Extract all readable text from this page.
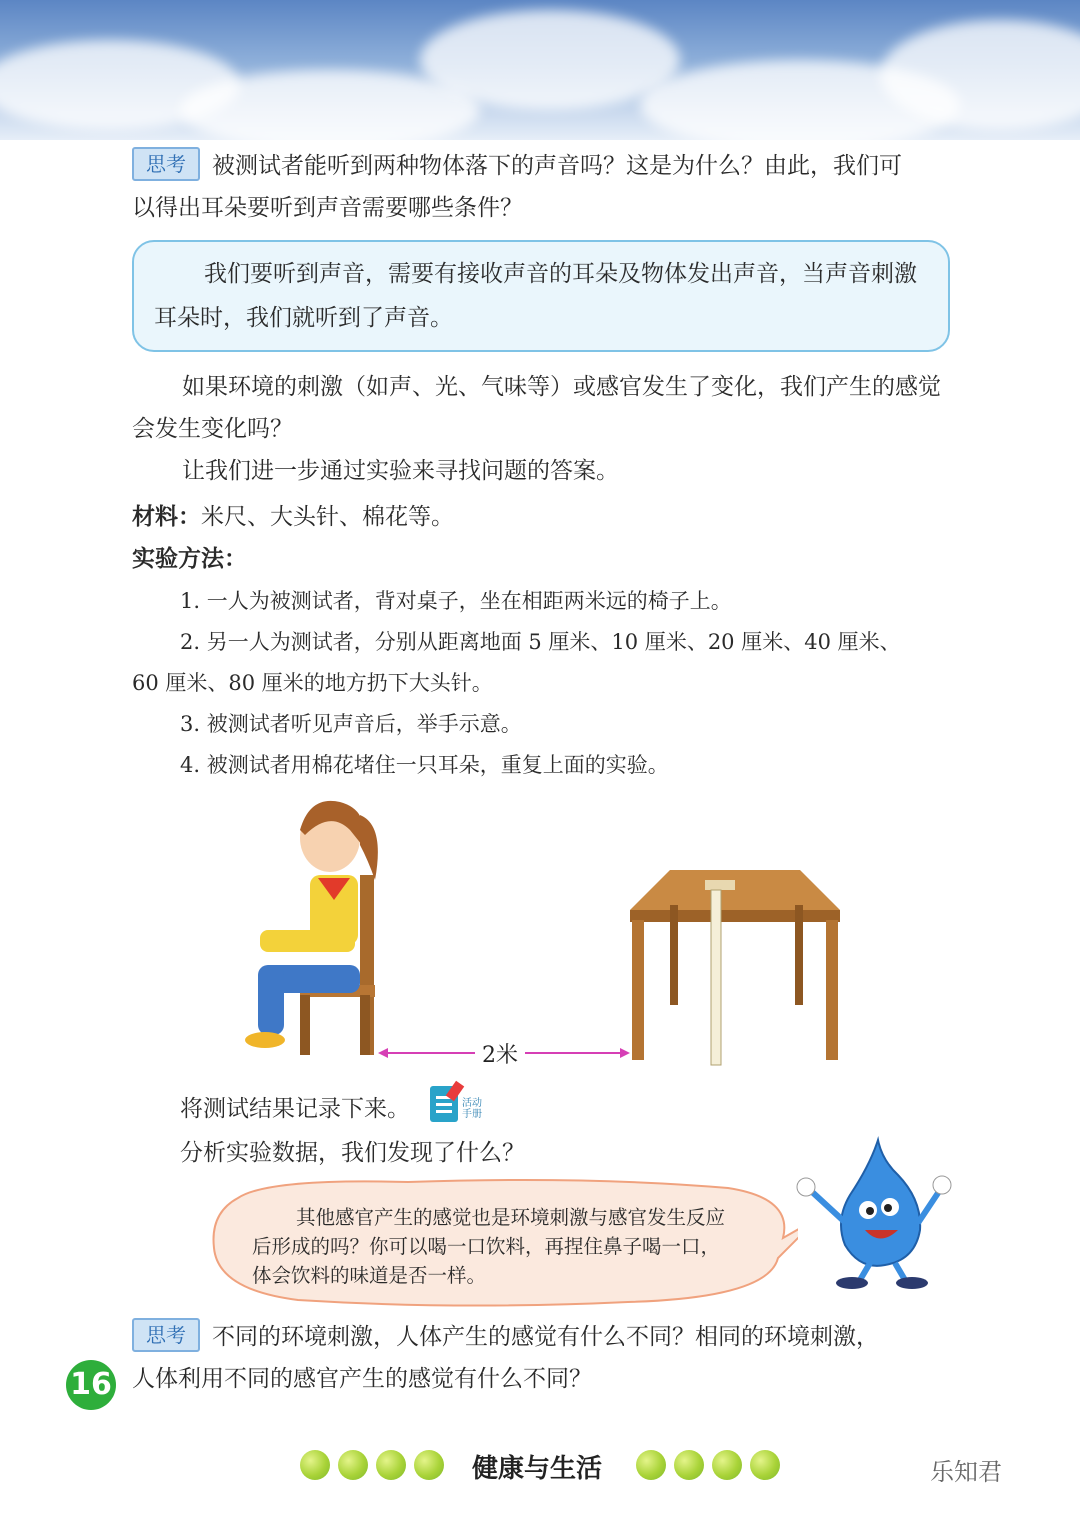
思考 被测试者能听到两种物体落下的声音吗？这是为什么？由此，我们可
以得出耳朵要听到声音需要哪些条件？
我们要听到声音，需要有接收声音的耳朵及物体发出声音，当声音刺激耳朵时，我们就听到了声音。
如果环境的刺激（如声、光、气味等）或感官发生了变化，我们产生的感觉会发生变化吗？
让我们进一步通过实验来寻找问题的答案。
材料：米尺、大头针、棉花等。
实验方法：
1. 一人为被测试者，背对桌子，坐在相距两米远的椅子上。
2. 另一人为测试者，分别从距离地面 5 厘米、10 厘米、20 厘米、40 厘米、
60 厘米、80 厘米的地方扔下大头针。
3. 被测试者听见声音后，举手示意。
4. 被测试者用棉花堵住一只耳朵，重复上面的实验。
2米
将测试结果记录下来。	活动
手册
分析实验数据，我们发现了什么？
其他感官产生的感觉也是环境刺激与感官发生反应后形成的吗？你可以喝一口饮料，再捏住鼻子喝一口，体会饮料的味道是否一样。
思考 不同的环境刺激，人体产生的感觉有什么不同？相同的环境刺激，
人体利用不同的感官产生的感觉有什么不同？
16
健康与生活	乐知君
